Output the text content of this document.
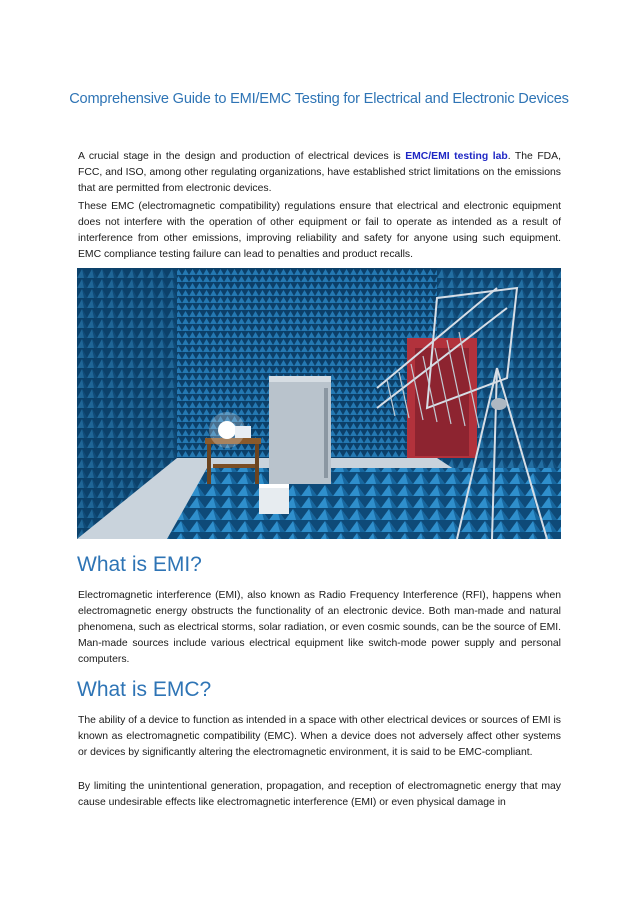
Comprehensive Guide to EMI/EMC Testing for Electrical and Electronic Devices

A crucial stage in the design and production of electrical devices is EMC/EMI testing lab. The FDA, FCC, and ISO, among other regulating organizations, have established strict limitations on the emissions that are permitted from electronic devices.

These EMC (electromagnetic compatibility) regulations ensure that electrical and electronic equipment does not interfere with the operation of other equipment or fail to operate as intended as a result of interference from other emissions, improving reliability and safety for anyone using such equipment. EMC compliance testing failure can lead to penalties and product recalls.

What is EMI?

Electromagnetic interference (EMI), also known as Radio Frequency Interference (RFI), happens when electromagnetic energy obstructs the functionality of an electronic device. Both man-made and natural phenomena, such as electrical storms, solar radiation, or even cosmic sounds, can be the source of EMI. Man-made sources include various electrical equipment like switch-mode power supply and personal computers.

What is EMC?

The ability of a device to function as intended in a space with other electrical devices or sources of EMI is known as electromagnetic compatibility (EMC). When a device does not adversely affect other systems or devices by significantly altering the electromagnetic environment, it is said to be EMC-compliant.

By limiting the unintentional generation, propagation, and reception of electromagnetic energy that may cause undesirable effects like electromagnetic interference (EMI) or even physical damage in
